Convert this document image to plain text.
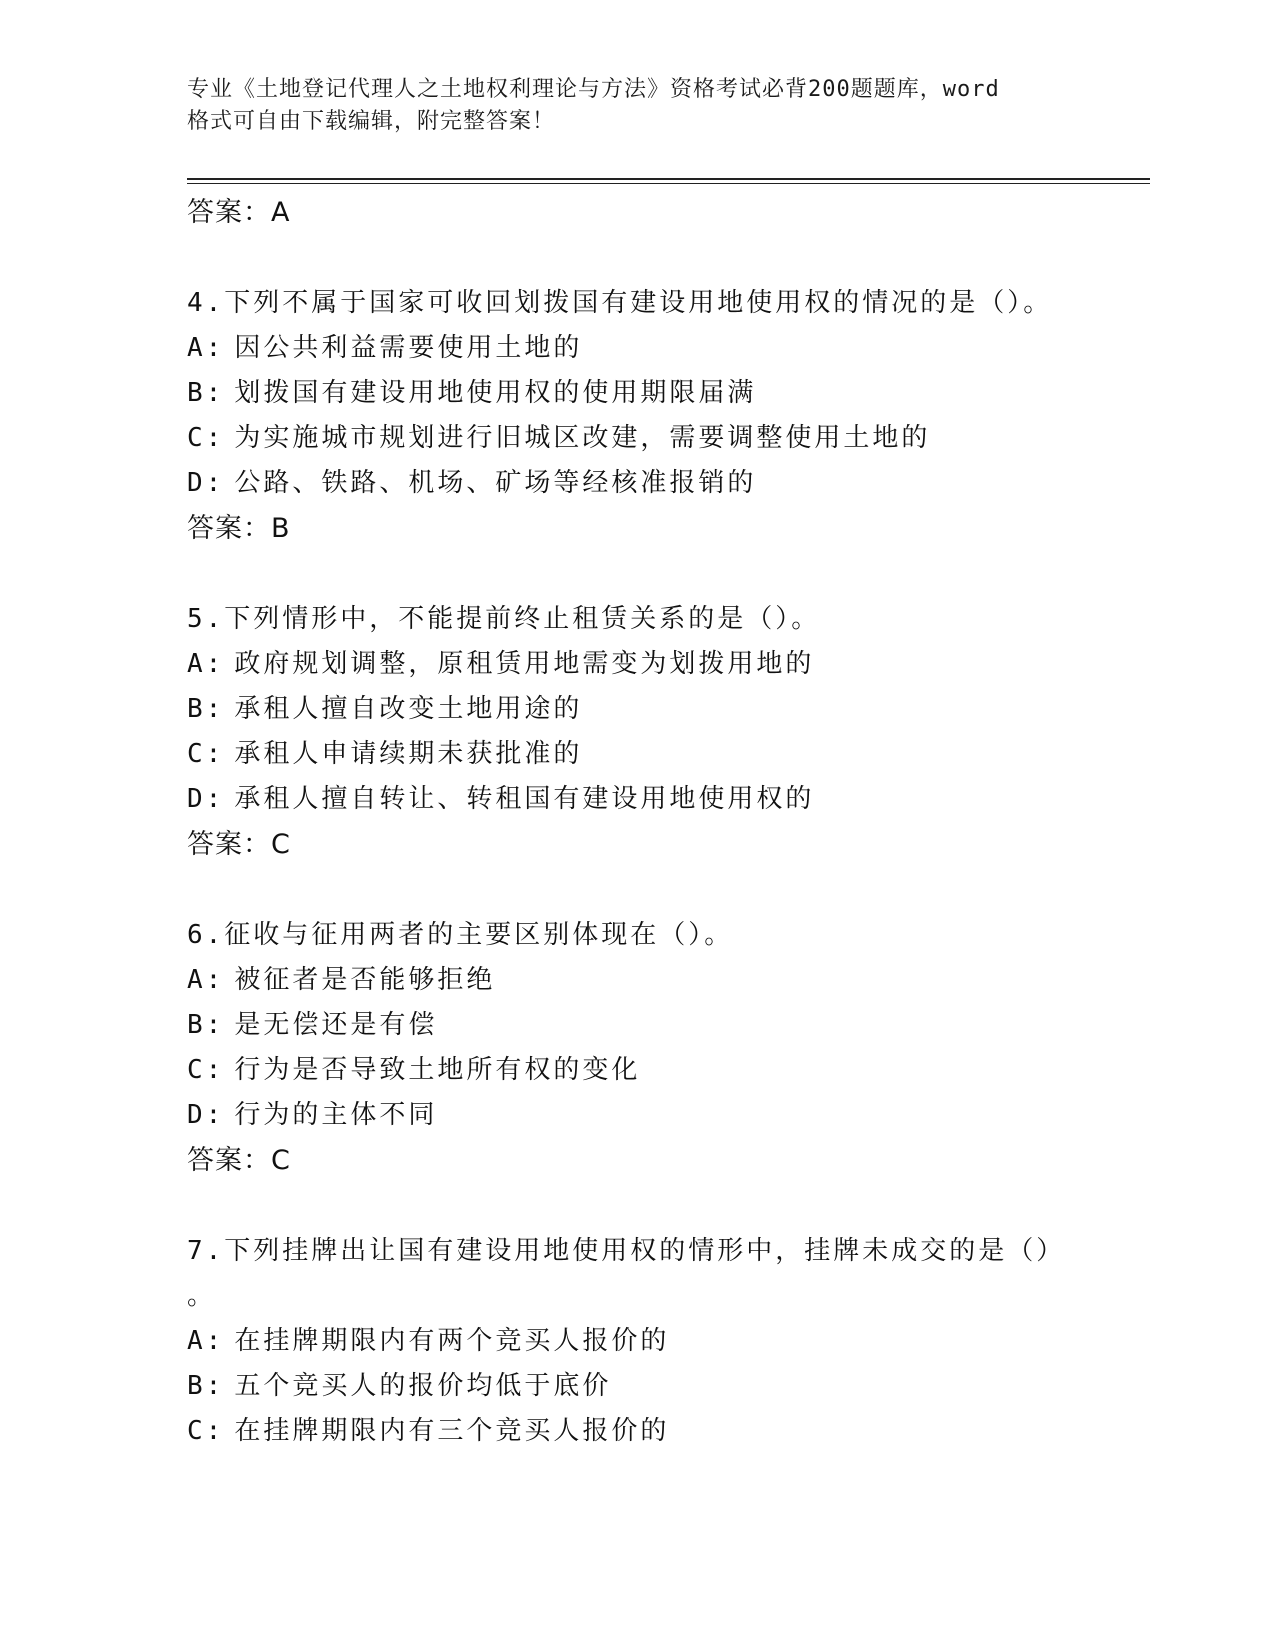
专业《土地登记代理人之土地权利理论与方法》资格考试必背200题题库，word
格式可自由下载编辑，附完整答案！
答案：A
4.下列不属于国家可收回划拨国有建设用地使用权的情况的是（）。
A: 因公共利益需要使用土地的
B: 划拨国有建设用地使用权的使用期限届满
C: 为实施城市规划进行旧城区改建，需要调整使用土地的
D: 公路、铁路、机场、矿场等经核准报销的
答案：B
5.下列情形中，不能提前终止租赁关系的是（）。
A: 政府规划调整，原租赁用地需变为划拨用地的
B: 承租人擅自改变土地用途的
C: 承租人申请续期未获批准的
D: 承租人擅自转让、转租国有建设用地使用权的
答案：C
6.征收与征用两者的主要区别体现在（）。
A: 被征者是否能够拒绝
B: 是无偿还是有偿
C: 行为是否导致土地所有权的变化
D: 行为的主体不同
答案：C
7.下列挂牌出让国有建设用地使用权的情形中，挂牌未成交的是（）
。
A: 在挂牌期限内有两个竞买人报价的
B: 五个竞买人的报价均低于底价
C: 在挂牌期限内有三个竞买人报价的
